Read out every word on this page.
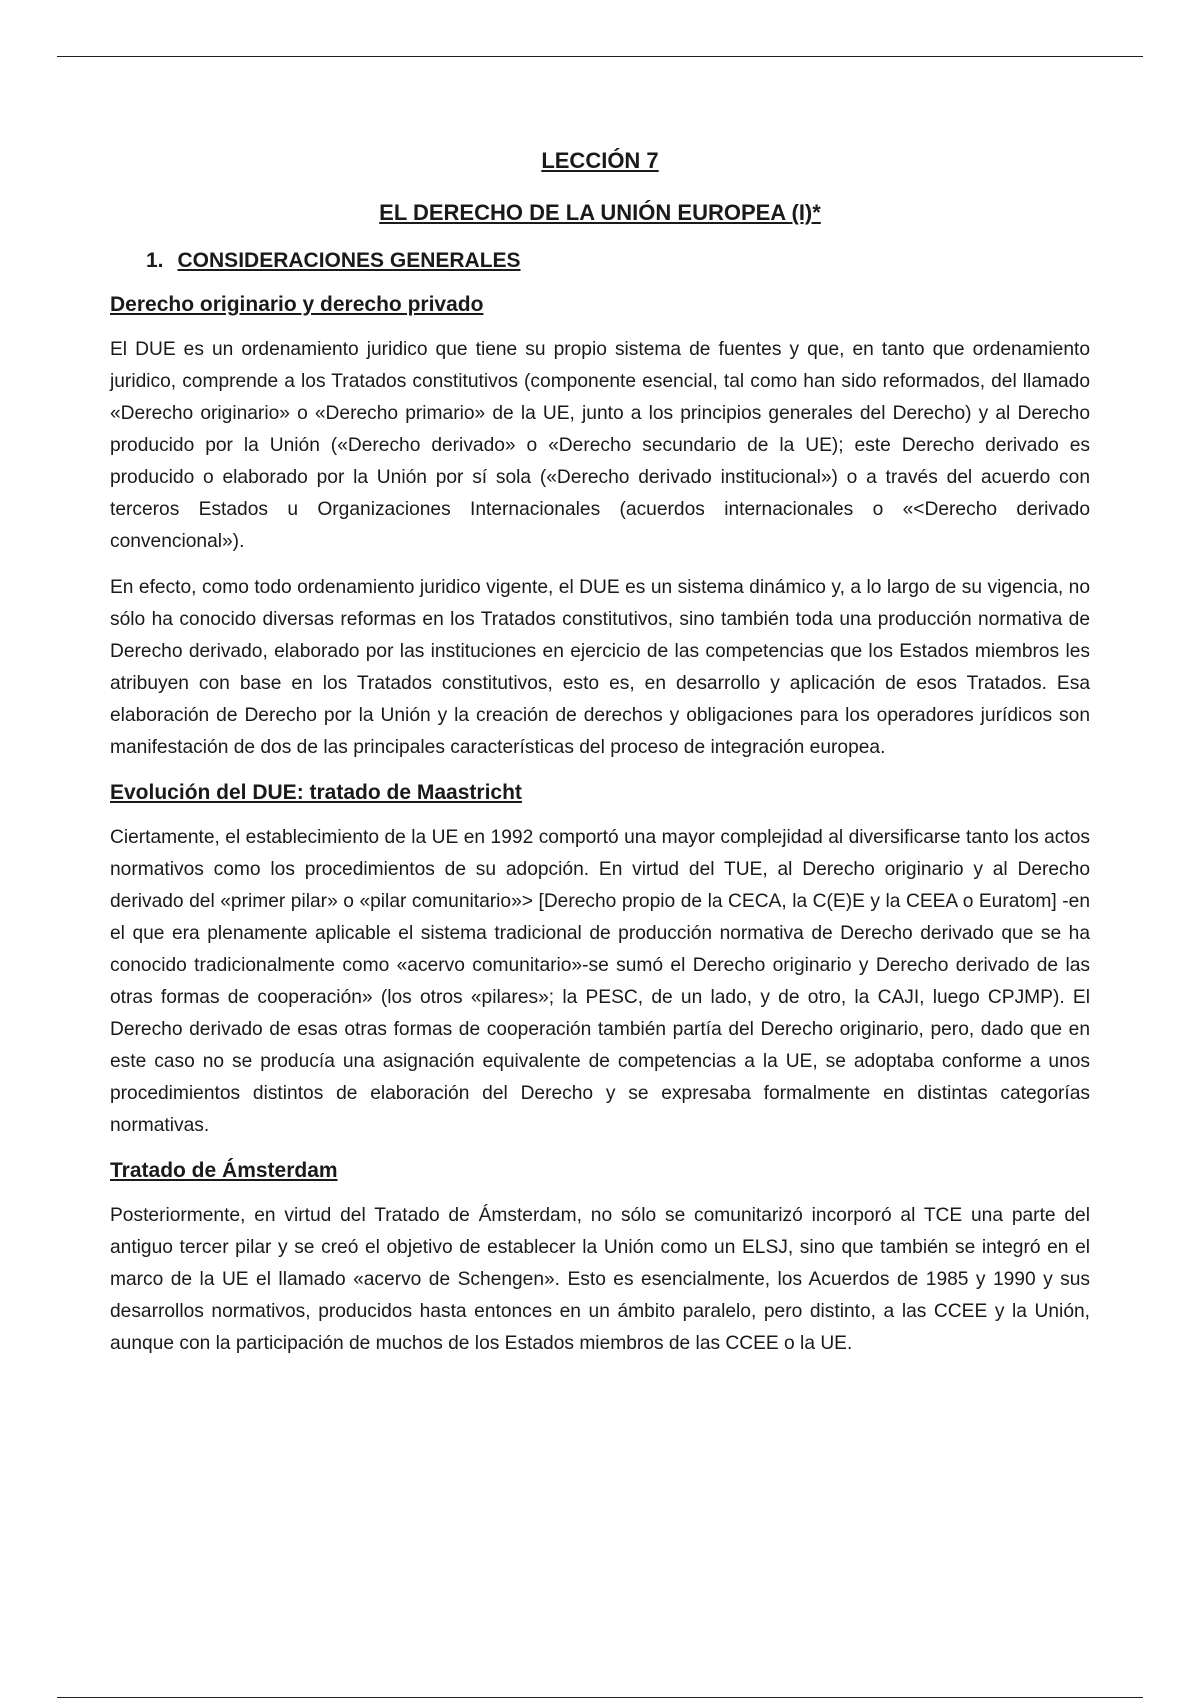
LECCIÓN 7

EL DERECHO DE LA UNIÓN EUROPEA (I)*

1. CONSIDERACIONES GENERALES

Derecho originario y derecho privado

El DUE es un ordenamiento juridico que tiene su propio sistema de fuentes y que, en tanto que ordenamiento juridico, comprende a los Tratados constitutivos (componente esencial, tal como han sido reformados, del llamado «Derecho originario» o «Derecho primario» de la UE, junto a los principios generales del Derecho) y al Derecho producido por la Unión («Derecho derivado» o «Derecho secundario de la UE); este Derecho derivado es producido o elaborado por la Unión por sí sola («Derecho derivado institucional») o a través del acuerdo con terceros Estados u Organizaciones Internacionales (acuerdos internacionales o «<Derecho derivado convencional»).

En efecto, como todo ordenamiento juridico vigente, el DUE es un sistema dinámico y, a lo largo de su vigencia, no sólo ha conocido diversas reformas en los Tratados constitutivos, sino también toda una producción normativa de Derecho derivado, elaborado por las instituciones en ejercicio de las competencias que los Estados miembros les atribuyen con base en los Tratados constitutivos, esto es, en desarrollo y aplicación de esos Tratados. Esa elaboración de Derecho por la Unión y la creación de derechos y obligaciones para los operadores jurídicos son manifestación de dos de las principales características del proceso de integración europea.

Evolución del DUE: tratado de Maastricht

Ciertamente, el establecimiento de la UE en 1992 comportó una mayor complejidad al diversificarse tanto los actos normativos como los procedimientos de su adopción. En virtud del TUE, al Derecho originario y al Derecho derivado del «primer pilar» o «pilar comunitario»> [Derecho propio de la CECA, la C(E)E y la CEEA o Euratom] -en el que era plenamente aplicable el sistema tradicional de producción normativa de Derecho derivado que se ha conocido tradicionalmente como «acervo comunitario»-se sumó el Derecho originario y Derecho derivado de las otras formas de cooperación» (los otros «pilares»; la PESC, de un lado, y de otro, la CAJI, luego CPJMP). El Derecho derivado de esas otras formas de cooperación también partía del Derecho originario, pero, dado que en este caso no se producía una asignación equivalente de competencias a la UE, se adoptaba conforme a unos procedimientos distintos de elaboración del Derecho y se expresaba formalmente en distintas categorías normativas.

Tratado de Ámsterdam

Posteriormente, en virtud del Tratado de Ámsterdam, no sólo se comunitarizó incorporó al TCE una parte del antiguo tercer pilar y se creó el objetivo de establecer la Unión como un ELSJ, sino que también se integró en el marco de la UE el llamado «acervo de Schengen». Esto es esencialmente, los Acuerdos de 1985 y 1990 y sus desarrollos normativos, producidos hasta entonces en un ámbito paralelo, pero distinto, a las CCEE y la Unión, aunque con la participación de muchos de los Estados miembros de las CCEE o la UE.
